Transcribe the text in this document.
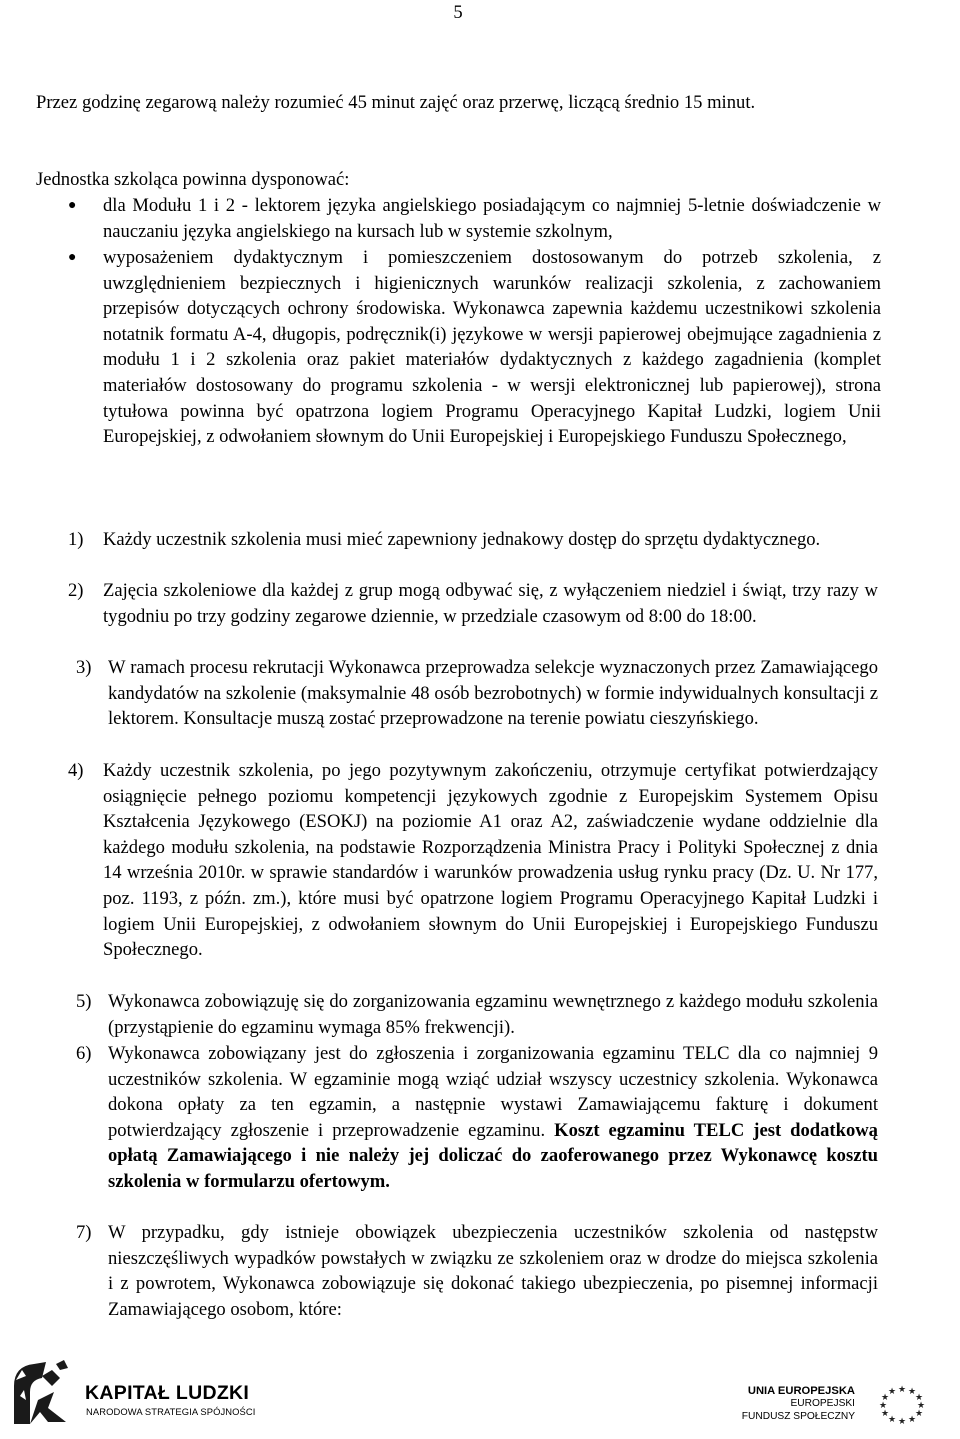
5
Przez godzinę zegarową należy rozumieć 45 minut zajęć oraz przerwę, liczącą średnio 15 minut.
Jednostka szkoląca powinna dysponować:
● dla Modułu 1 i 2 - lektorem języka angielskiego posiadającym co najmniej 5-letnie doświadczenie w nauczaniu języka angielskiego na kursach lub w systemie szkolnym,
● wyposażeniem dydaktycznym i pomieszczeniem dostosowanym do potrzeb szkolenia, z uwzględnieniem bezpiecznych i higienicznych warunków realizacji szkolenia, z zachowaniem przepisów dotyczących ochrony środowiska. Wykonawca zapewnia każdemu uczestnikowi szkolenia notatnik formatu A-4, długopis, podręcznik(i) językowe w wersji papierowej obejmujące zagadnienia z modułu 1 i 2 szkolenia oraz pakiet materiałów dydaktycznych z każdego zagadnienia (komplet materiałów dostosowany do programu szkolenia - w wersji elektronicznej lub papierowej), strona tytułowa powinna być opatrzona logiem Programu Operacyjnego Kapitał Ludzki, logiem Unii Europejskiej, z odwołaniem słownym do Unii Europejskiej i Europejskiego Funduszu Społecznego,
1) Każdy uczestnik szkolenia musi mieć zapewniony jednakowy dostęp do sprzętu dydaktycznego.
2) Zajęcia szkoleniowe dla każdej z grup mogą odbywać się, z wyłączeniem niedziel i świąt, trzy razy w tygodniu po trzy godziny zegarowe dziennie, w przedziale czasowym od 8:00 do 18:00.
3) W ramach procesu rekrutacji Wykonawca przeprowadza selekcje wyznaczonych przez Zamawiającego kandydatów na szkolenie (maksymalnie 48 osób bezrobotnych) w formie indywidualnych konsultacji z lektorem. Konsultacje muszą zostać przeprowadzone na terenie powiatu cieszyńskiego.
4) Każdy uczestnik szkolenia, po jego pozytywnym zakończeniu, otrzymuje certyfikat potwierdzający osiągnięcie pełnego poziomu kompetencji językowych zgodnie z Europejskim Systemem Opisu Kształcenia Językowego (ESOKJ) na poziomie A1 oraz A2, zaświadczenie wydane oddzielnie dla każdego modułu szkolenia, na podstawie Rozporządzenia Ministra Pracy i Polityki Społecznej z dnia 14 września 2010r. w sprawie standardów i warunków prowadzenia usług rynku pracy (Dz. U. Nr 177, poz. 1193, z późn. zm.), które musi być opatrzone logiem Programu Operacyjnego Kapitał Ludzki i logiem Unii Europejskiej, z odwołaniem słownym do Unii Europejskiej i Europejskiego Funduszu Społecznego.
5) Wykonawca zobowiązuję się do zorganizowania egzaminu wewnętrznego z każdego modułu szkolenia (przystąpienie do egzaminu wymaga 85% frekwencji).
6) Wykonawca zobowiązany jest do zgłoszenia i zorganizowania egzaminu TELC dla co najmniej 9 uczestników szkolenia. W egzaminie mogą wziąć udział wszyscy uczestnicy szkolenia. Wykonawca dokona opłaty za ten egzamin, a następnie wystawi Zamawiającemu fakturę i dokument potwierdzający zgłoszenie i przeprowadzenie egzaminu. Koszt egzaminu TELC jest dodatkową opłatą Zamawiającego i nie należy jej doliczać do zaoferowanego przez Wykonawcę kosztu szkolenia w formularzu ofertowym.
7) W przypadku, gdy istnieje obowiązek ubezpieczenia uczestników szkolenia od następstw nieszczęśliwych wypadków powstałych w związku ze szkoleniem oraz w drodze do miejsca szkolenia i z powrotem, Wykonawca zobowiązuje się dokonać takiego ubezpieczenia, po pisemnej informacji Zamawiającego osobom, które:
KAPITAŁ LUDZKI
NARODOWA STRATEGIA SPÓJNOŚCI
UNIA EUROPEJSKA
EUROPEJSKI
FUNDUSZ SPOŁECZNY
★ ★
★
★
★
★
★
★
★
★
★
★
